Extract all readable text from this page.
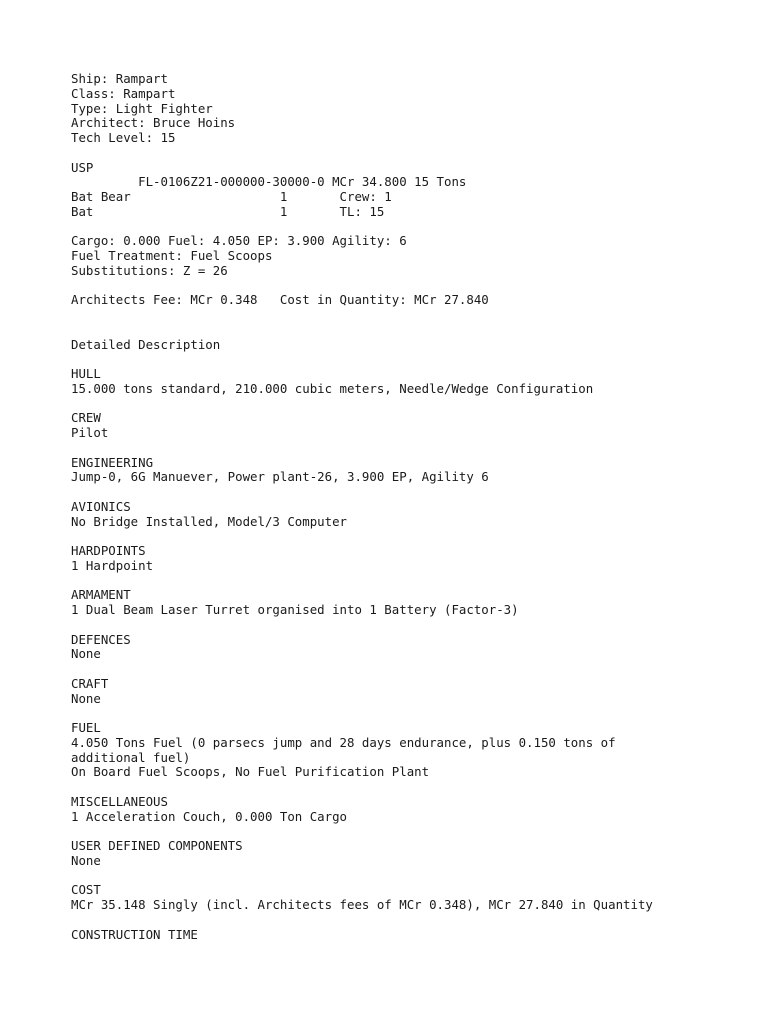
Ship: Rampart
Class: Rampart
Type: Light Fighter
Architect: Bruce Hoins
Tech Level: 15
USP
FL-0106Z21-000000-30000-0 MCr 34.800 15 Tons
Bat Bear                    1       Crew: 1
Bat                         1       TL: 15
Cargo: 0.000 Fuel: 4.050 EP: 3.900 Agility: 6
Fuel Treatment: Fuel Scoops
Substitutions: Z = 26
Architects Fee: MCr 0.348   Cost in Quantity: MCr 27.840
Detailed Description
HULL
15.000 tons standard, 210.000 cubic meters, Needle/Wedge Configuration
CREW
Pilot
ENGINEERING
Jump-0, 6G Manuever, Power plant-26, 3.900 EP, Agility 6
AVIONICS
No Bridge Installed, Model/3 Computer
HARDPOINTS
1 Hardpoint
ARMAMENT
1 Dual Beam Laser Turret organised into 1 Battery (Factor-3)
DEFENCES
None
CRAFT
None
FUEL
4.050 Tons Fuel (0 parsecs jump and 28 days endurance, plus 0.150 tons of
additional fuel)
On Board Fuel Scoops, No Fuel Purification Plant
MISCELLANEOUS
1 Acceleration Couch, 0.000 Ton Cargo
USER DEFINED COMPONENTS
None
COST
MCr 35.148 Singly (incl. Architects fees of MCr 0.348), MCr 27.840 in Quantity
CONSTRUCTION TIME
